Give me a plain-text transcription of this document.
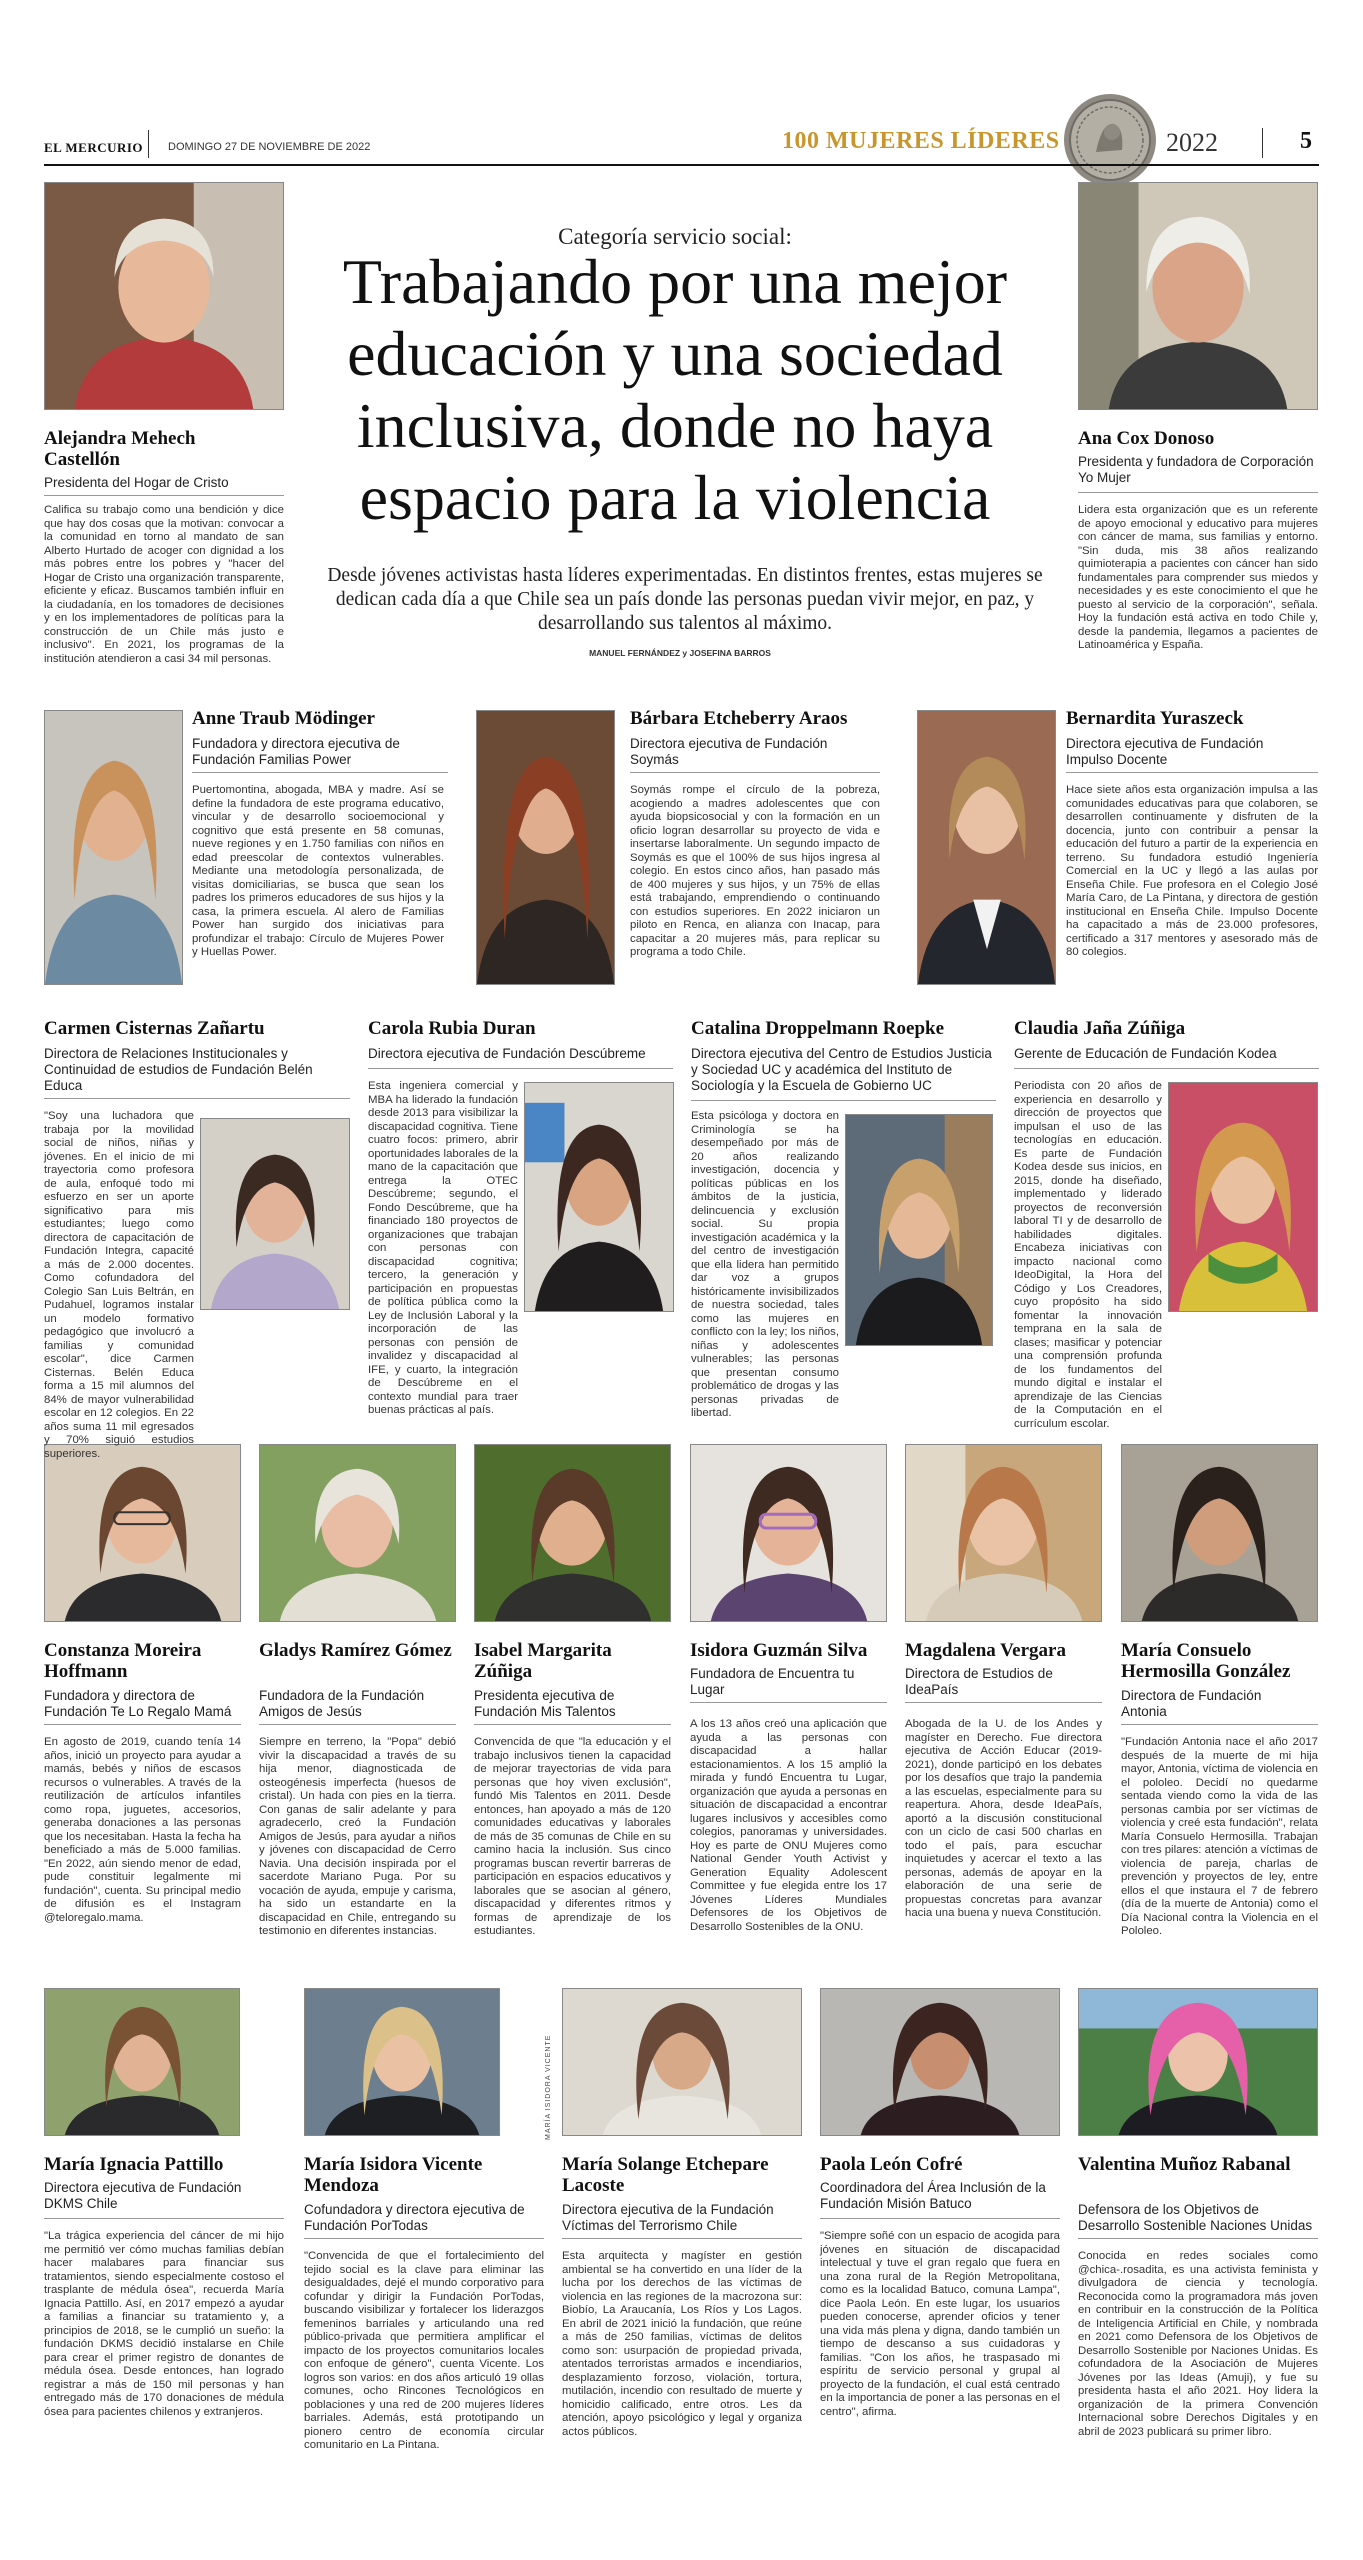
EL MERCURIO DOMINGO 27 DE NOVIEMBRE DE 2022	100 MUJERES LÍDERES	2022	5
Categoría servicio social:
Trabajando por una mejor educación y una sociedad inclusiva, donde no haya espacio para la violencia
Desde jóvenes activistas hasta líderes experimentadas. En distintos frentes, estas mujeres se dedican cada día a que Chile sea un país donde las personas puedan vivir mejor, en paz, y desarrollando sus talentos al máximo.
MANUEL FERNÁNDEZ y JOSEFINA BARROS
MARÍA ISIDORA VICENTE
Alejandra Mehech Castellón
Presidenta del Hogar de Cristo
Califica su trabajo como una bendición y dice que hay dos cosas que la motivan: convocar a la comunidad en torno al mandato de san Alberto Hurtado de acoger con dignidad a los más pobres entre los pobres y "hacer del Hogar de Cristo una organización transparente, eficiente y eficaz. Buscamos también influir en la ciudadanía, en los tomadores de decisiones y en los implementadores de políticas para la construcción de un Chile más justo e inclusivo". En 2021, los programas de la institución atendieron a casi 34 mil personas.
Ana Cox Donoso
Presidenta y fundadora de Corporación Yo Mujer
Lidera esta organización que es un referente de apoyo emocional y educativo para mujeres con cáncer de mama, sus familias y entorno. "Sin duda, mis 38 años realizando quimioterapia a pacientes con cáncer han sido fundamentales para comprender sus miedos y necesidades y es este conocimiento el que he puesto al servicio de la corporación", señala. Hoy la fundación está activa en todo Chile y, desde la pandemia, llegamos a pacientes de Latinoamérica y España.
Anne Traub Mödinger
Fundadora y directora ejecutiva de Fundación Familias Power
Puertomontina, abogada, MBA y madre. Así se define la fundadora de este programa educativo, vincular y de desarrollo socioemocional y cognitivo que está presente en 58 comunas, nueve regiones y en 1.750 familias con niños en edad preescolar de contextos vulnerables. Mediante una metodología personalizada, de visitas domiciliarias, se busca que sean los padres los primeros educadores de sus hijos y la casa, la primera escuela. Al alero de Familias Power han surgido dos iniciativas para profundizar el trabajo: Círculo de Mujeres Power y Huellas Power.
Bárbara Etcheberry Araos
Directora ejecutiva de Fundación Soymás
Soymás rompe el círculo de la pobreza, acogiendo a madres adolescentes que con ayuda biopsicosocial y con la formación en un oficio logran desarrollar su proyecto de vida e insertarse laboralmente. Un segundo impacto de Soymás es que el 100% de sus hijos ingresa al colegio. En estos cinco años, han pasado más de 400 mujeres y sus hijos, y un 75% de ellas está trabajando, emprendiendo o continuando con estudios superiores. En 2022 iniciaron un piloto en Renca, en alianza con Inacap, para capacitar a 20 mujeres más, para replicar su programa a todo Chile.
Bernardita Yuraszeck
Directora ejecutiva de Fundación Impulso Docente
Hace siete años esta organización impulsa a las comunidades educativas para que colaboren, se desarrollen continuamente y disfruten de la docencia, junto con contribuir a pensar la educación del futuro a partir de la experiencia en terreno. Su fundadora estudió Ingeniería Comercial en la UC y llegó a las aulas por Enseña Chile. Fue profesora en el Colegio José María Caro, de La Pintana, y directora de gestión institucional en Enseña Chile. Impulso Docente ha capacitado a más de 23.000 profesores, certificado a 317 mentores y asesorado más de 80 colegios.
Carmen Cisternas Zañartu
Directora de Relaciones Institucionales y Continuidad de estudios de Fundación Belén Educa
"Soy una luchadora que trabaja por la movilidad social de niños, niñas y jóvenes. En el inicio de mi trayectoria como profesora de aula, enfoqué todo mi esfuerzo en ser un aporte significativo para mis estudiantes; luego como directora de capacitación de Fundación Integra, capacité a más de 2.000 docentes. Como cofundadora del Colegio San Luis Beltrán, en Pudahuel, logramos instalar un modelo formativo pedagógico que involucró a familias y comunidad escolar", dice Carmen Cisternas. Belén Educa forma a 15 mil alumnos del 84% de mayor vulnerabilidad escolar en 12 colegios. En 22 años suma 11 mil egresados y 70% siguió estudios superiores.
Carola Rubia Duran
Directora ejecutiva de Fundación Descúbreme
Esta ingeniera comercial y MBA ha liderado la fundación desde 2013 para visibilizar la discapacidad cognitiva. Tiene cuatro focos: primero, abrir oportunidades laborales de la mano de la capacitación que entrega la OTEC Descúbreme; segundo, el Fondo Descúbreme, que ha financiado 180 proyectos de organizaciones que trabajan con personas con discapacidad cognitiva; tercero, la generación y participación en propuestas de política pública como la Ley de Inclusión Laboral y la incorporación de las personas con pensión de invalidez y discapacidad al IFE, y cuarto, la integración de Descúbreme en el contexto mundial para traer buenas prácticas al país.
Catalina Droppelmann Roepke
Directora ejecutiva del Centro de Estudios Justicia y Sociedad UC y académica del Instituto de Sociología y la Escuela de Gobierno UC
Esta psicóloga y doctora en Criminología se ha desempeñado por más de 20 años realizando investigación, docencia y políticas públicas en los ámbitos de la justicia, delincuencia y exclusión social. Su propia investigación académica y la del centro de investigación que ella lidera han permitido dar voz a grupos históricamente invisibilizados de nuestra sociedad, tales como las mujeres en conflicto con la ley; los niños, niñas y adolescentes vulnerables; las personas que presentan consumo problemático de drogas y las personas privadas de libertad.
Claudia Jaña Zúñiga
Gerente de Educación de Fundación Kodea
Periodista con 20 años de experiencia en desarrollo y dirección de proyectos que impulsan el uso de las tecnologías en educación. Es parte de Fundación Kodea desde sus inicios, en 2015, donde ha diseñado, implementado y liderado proyectos de reconversión laboral TI y de desarrollo de habilidades digitales. Encabeza iniciativas con impacto nacional como IdeoDigital, la Hora del Código y Los Creadores, cuyo propósito ha sido fomentar la innovación temprana en la sala de clases; masificar y potenciar una comprensión profunda de los fundamentos del mundo digital e instalar el aprendizaje de las Ciencias de la Computación en el currículum escolar.
Constanza Moreira Hoffmann
Fundadora y directora de Fundación Te Lo Regalo Mamá
En agosto de 2019, cuando tenía 14 años, inició un proyecto para ayudar a mamás, bebés y niños de escasos recursos o vulnerables. A través de la reutilización de artículos infantiles como ropa, juguetes, accesorios, generaba donaciones a las personas que los necesitaban. Hasta la fecha ha beneficiado a más de 5.000 familias. "En 2022, aún siendo menor de edad, pude constituir legalmente mi fundación", cuenta. Su principal medio de difusión es el Instagram @teloregalo.mama.
Gladys Ramírez Gómez
Fundadora de la Fundación Amigos de Jesús
Siempre en terreno, la "Popa" debió vivir la discapacidad a través de su hija menor, diagnosticada de osteogénesis imperfecta (huesos de cristal). Un hada con pies en la tierra. Con ganas de salir adelante y para agradecerlo, creó la Fundación Amigos de Jesús, para ayudar a niños y jóvenes con discapacidad de Cerro Navia. Una decisión inspirada por el sacerdote Mariano Puga. Por su vocación de ayuda, empuje y carisma, ha sido un estandarte en la discapacidad en Chile, entregando su testimonio en diferentes instancias.
Isabel Margarita Zúñiga
Presidenta ejecutiva de Fundación Mis Talentos
Convencida de que "la educación y el trabajo inclusivos tienen la capacidad de mejorar trayectorias de vida para personas que hoy viven exclusión", fundó Mis Talentos en 2011. Desde entonces, han apoyado a más de 120 comunidades educativas y laborales de más de 35 comunas de Chile en su camino hacia la inclusión. Sus cinco programas buscan revertir barreras de participación en espacios educativos y laborales que se asocian al género, discapacidad y diferentes ritmos y formas de aprendizaje de los estudiantes.
Isidora Guzmán Silva
Fundadora de Encuentra tu Lugar
A los 13 años creó una aplicación que ayuda a las personas con discapacidad a hallar estacionamientos. A los 15 amplió la mirada y fundó Encuentra tu Lugar, organización que ayuda a personas en situación de discapacidad a encontrar lugares inclusivos y accesibles como colegios, panoramas y universidades. Hoy es parte de ONU Mujeres como National Gender Youth Activist y Generation Equality Adolescent Committee y fue elegida entre los 17 Jóvenes Líderes Mundiales Defensores de los Objetivos de Desarrollo Sostenibles de la ONU.
Magdalena Vergara
Directora de Estudios de IdeaPaís
Abogada de la U. de los Andes y magíster en Derecho. Fue directora ejecutiva de Acción Educar (2019-2021), donde participó en los debates por los desafíos que trajo la pandemia a las escuelas, especialmente para su reapertura. Ahora, desde IdeaPaís, aportó a la discusión constitucional con un ciclo de casi 500 charlas en todo el país, para escuchar inquietudes y acercar el texto a las personas, además de apoyar en la elaboración de una serie de propuestas concretas para avanzar hacia una buena y nueva Constitución.
María Consuelo Hermosilla González
Directora de Fundación Antonia
"Fundación Antonia nace el año 2017 después de la muerte de mi hija mayor, Antonia, víctima de violencia en el pololeo. Decidí no quedarme sentada viendo como la vida de las personas cambia por ser víctimas de violencia y creé esta fundación", relata María Consuelo Hermosilla. Trabajan con tres pilares: atención a víctimas de violencia de pareja, charlas de prevención y proyectos de ley, entre ellos el que instaura el 7 de febrero (día de la muerte de Antonia) como el Día Nacional contra la Violencia en el Pololeo.
María Ignacia Pattillo
Directora ejecutiva de Fundación DKMS Chile
"La trágica experiencia del cáncer de mi hijo me permitió ver cómo muchas familias debían hacer malabares para financiar sus tratamientos, siendo especialmente costoso el trasplante de médula ósea", recuerda María Ignacia Pattillo. Así, en 2017 empezó a ayudar a familias a financiar su tratamiento y, a principios de 2018, se le cumplió un sueño: la fundación DKMS decidió instalarse en Chile para crear el primer registro de donantes de médula ósea. Desde entonces, han logrado registrar a más de 150 mil personas y han entregado más de 170 donaciones de médula ósea para pacientes chilenos y extranjeros.
María Isidora Vicente Mendoza
Cofundadora y directora ejecutiva de Fundación PorTodas
"Convencida de que el fortalecimiento del tejido social es la clave para eliminar las desigualdades, dejé el mundo corporativo para cofundar y dirigir la Fundación PorTodas, buscando visibilizar y fortalecer los liderazgos femeninos barriales y articulando una red público-privada que permitiera amplificar el impacto de los proyectos comunitarios locales con enfoque de género", cuenta Vicente. Los logros son varios: en dos años articuló 19 ollas comunes, ocho Rincones Tecnológicos en poblaciones y una red de 200 mujeres líderes barriales. Además, está prototipando un pionero centro de economía circular comunitario en La Pintana.
María Solange Etchepare Lacoste
Directora ejecutiva de la Fundación Víctimas del Terrorismo Chile
Esta arquitecta y magíster en gestión ambiental se ha convertido en una líder de la lucha por los derechos de las víctimas de violencia en las regiones de la macrozona sur: Biobío, La Araucanía, Los Ríos y Los Lagos. En abril de 2021 inició la fundación, que reúne a más de 250 familias, víctimas de delitos como son: usurpación de propiedad privada, atentados terroristas armados e incendiarios, desplazamiento forzoso, violación, tortura, mutilación, incendio con resultado de muerte y homicidio calificado, entre otros. Les da atención, apoyo psicológico y legal y organiza actos públicos.
Paola León Cofré
Coordinadora del Área Inclusión de la Fundación Misión Batuco
"Siempre soñé con un espacio de acogida para jóvenes en situación de discapacidad intelectual y tuve el gran regalo que fuera en una zona rural de la Región Metropolitana, como es la localidad Batuco, comuna Lampa", dice Paola León. En este lugar, los usuarios pueden conocerse, aprender oficios y tener una vida más plena y digna, dando también un tiempo de descanso a sus cuidadoras y familias. "Con los años, he traspasado mi espíritu de servicio personal y grupal al proyecto de la fundación, el cual está centrado en la importancia de poner a las personas en el centro", afirma.
Valentina Muñoz Rabanal
Defensora de los Objetivos de Desarrollo Sostenible Naciones Unidas
Conocida en redes sociales como @chica-.rosadita, es una activista feminista y divulgadora de ciencia y tecnología. Reconocida como la programadora más joven en contribuir en la construcción de la Política de Inteligencia Artificial en Chile, y nombrada en 2021 como Defensora de los Objetivos de Desarrollo Sostenible por Naciones Unidas. Es cofundadora de la Asociación de Mujeres Jóvenes por las Ideas (Amuji), y fue su presidenta hasta el año 2021. Hoy lidera la organización de la primera Convención Internacional sobre Derechos Digitales y en abril de 2023 publicará su primer libro.
